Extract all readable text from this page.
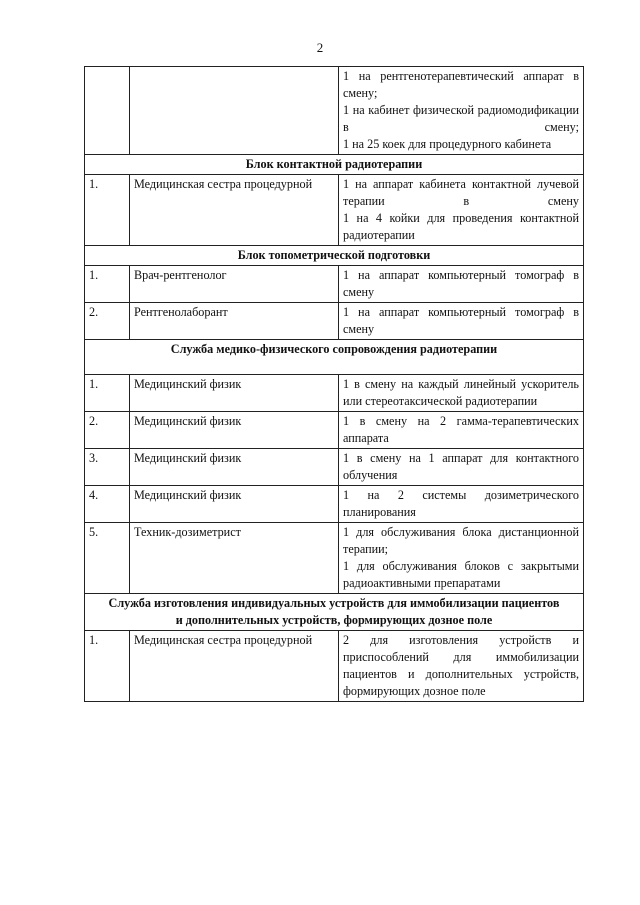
2

		1 на рентгенотерапевтический аппарат в смену;

1 на кабинет физической радиомодификации в смену;

1 на 25 коек для процедурного кабинета

Блок контактной радиотерапии		
1.	Медицинская сестра процедурной	1 на аппарат кабинета контактной лучевой терапии в смену

1 на 4 койки для проведения контактной радиотерапии

Блок топометрической подготовки		
1.	Врач-рентгенолог	1 на аппарат компьютерный томограф в смену

2.	Рентгенолаборант	1 на аппарат компьютерный томограф в смену

Служба медико-физического сопровождения радиотерапии		
1.	Медицинский физик	1 в смену на каждый линейный ускоритель или стереотаксической радиотерапии

2.	Медицинский физик	1 в смену на 2 гамма-терапевтических аппарата

3.	Медицинский физик	1 в смену на 1 аппарат для контактного облучения

4.	Медицинский физик	1 на 2 системы дозиметрического планирования

5.	Техник-дозиметрист	1 для обслуживания блока дистанционной терапии;

1 для обслуживания блоков с закрытыми радиоактивными препаратами

Служба изготовления индивидуальных устройств для иммобилизации пациентов
и дополнительных устройств, формирующих дозное поле		

1.	Медицинская сестра процедурной	2 для изготовления устройств и приспособлений для иммобилизации пациентов и дополнительных устройств, формирующих дозное поле
